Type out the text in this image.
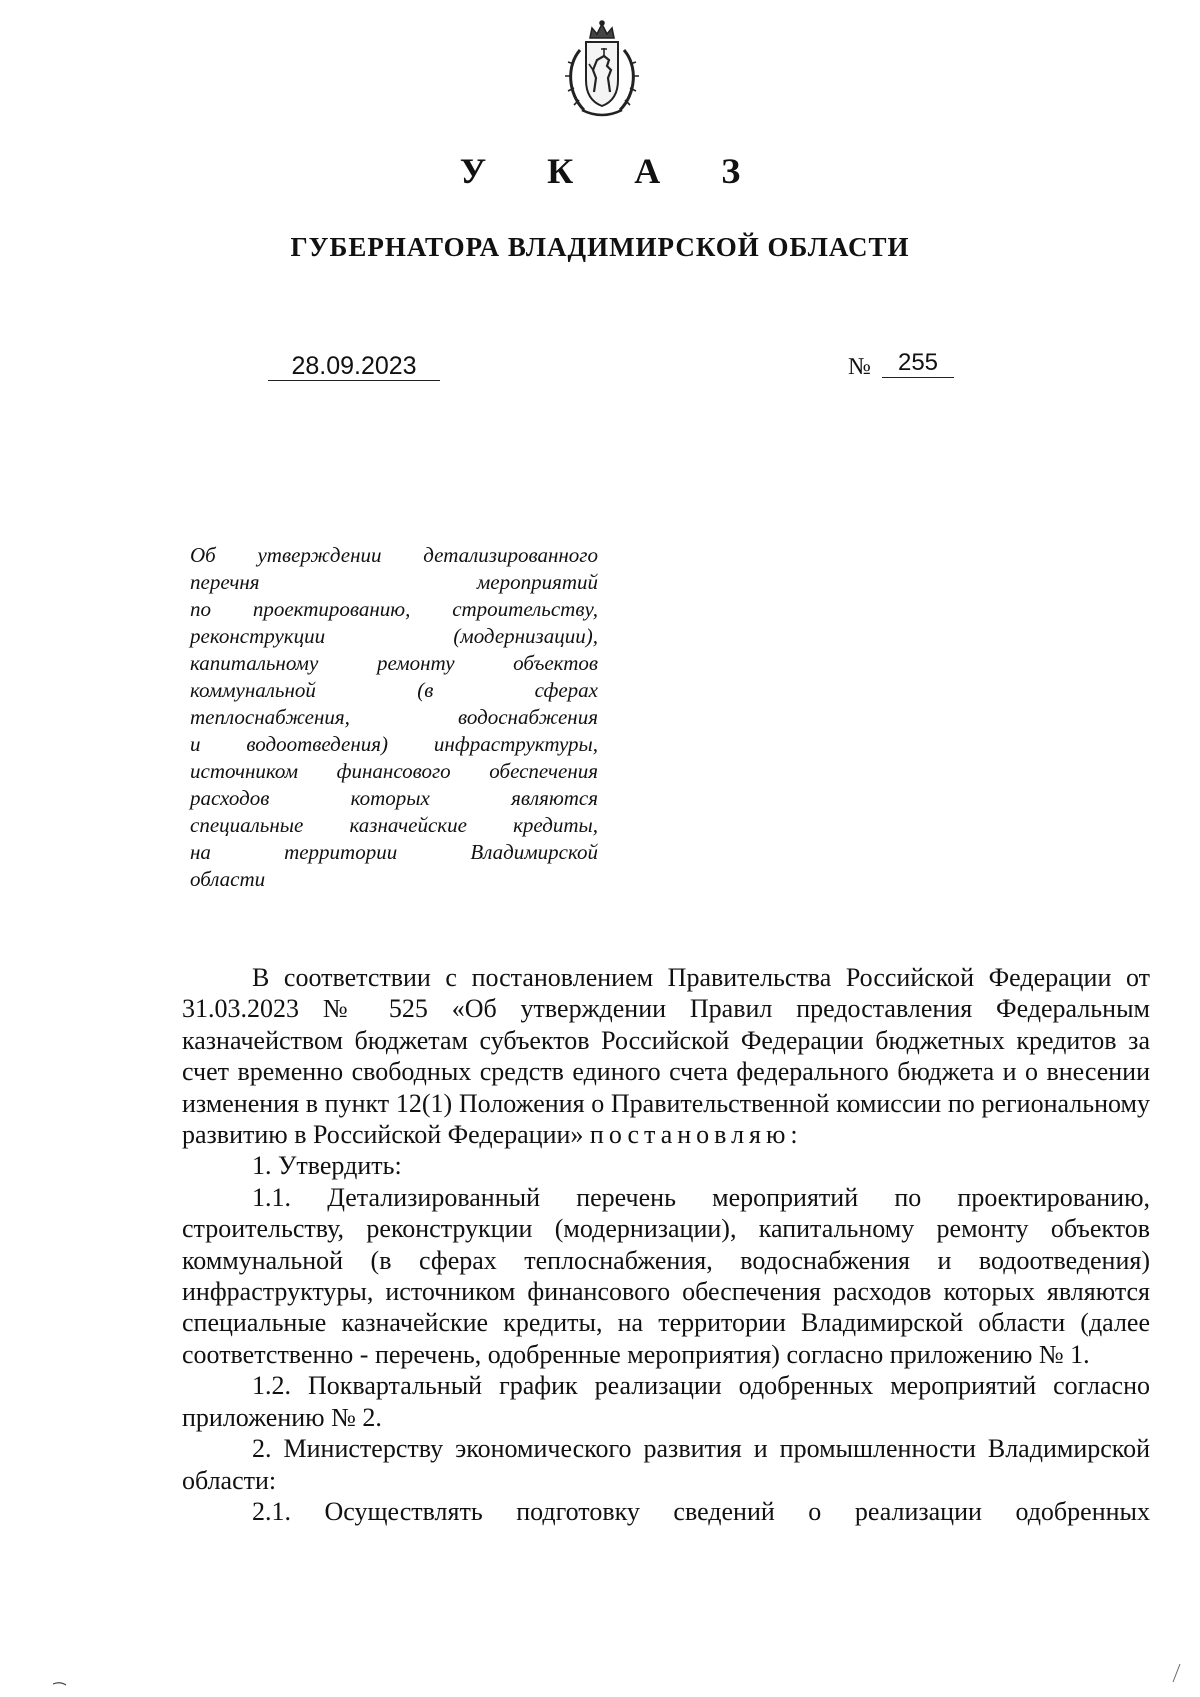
У К А З
ГУБЕРНАТОРА ВЛАДИМИРСКОЙ ОБЛАСТИ
28.09.2023	№	255
Об утверждении детализированного
перечня мероприятий
по проектированию, строительству,
реконструкции (модернизации),
капитальному ремонту объектов
коммунальной (в сферах
теплоснабжения, водоснабжения
и водоотведения) инфраструктуры,
источником финансового обеспечения
расходов которых являются
специальные казначейские кредиты,
на территории Владимирской
области

В соответствии с постановлением Правительства Российской Федерации от 31.03.2023 № 525 «Об утверждении Правил предоставления Федеральным казначейством бюджетам субъектов Российской Федерации бюджетных кредитов за счет временно свободных средств единого счета федерального бюджета и о внесении изменения в пункт 12(1) Положения о Правительственной комиссии по региональному развитию в Российской Федерации» постановляю:

1. Утвердить:

1.1. Детализированный перечень мероприятий по проектированию, строительству, реконструкции (модернизации), капитальному ремонту объектов коммунальной (в сферах теплоснабжения, водоснабжения и водоотведения) инфраструктуры, источником финансового обеспечения расходов которых являются специальные казначейские кредиты, на территории Владимирской области (далее соответственно - перечень, одобренные мероприятия) согласно приложению № 1.

1.2. Поквартальный график реализации одобренных мероприятий согласно приложению № 2.

2. Министерству экономического развития и промышленности Владимирской области:

2.1. Осуществлять подготовку сведений о реализации одобренных
